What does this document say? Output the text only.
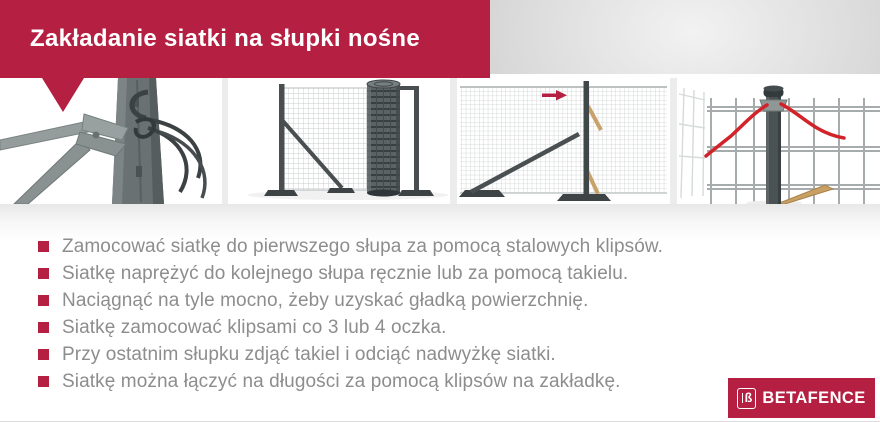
Zakładanie siatki na słupki nośne
Zamocować siatkę do pierwszego słupa za pomocą stalowych klipsów.
Siatkę naprężyć do kolejnego słupa ręcznie lub za pomocą takielu.
Naciągnąć na tyle mocno, żeby uzyskać gładką powierzchnię.
Siatkę zamocować klipsami co 3 lub 4 oczka.
Przy ostatnim słupku zdjąć takiel i odciąć nadwyżkę siatki.
Siatkę można łączyć na długości za pomocą klipsów na zakładkę.
ß BETAFENCE
